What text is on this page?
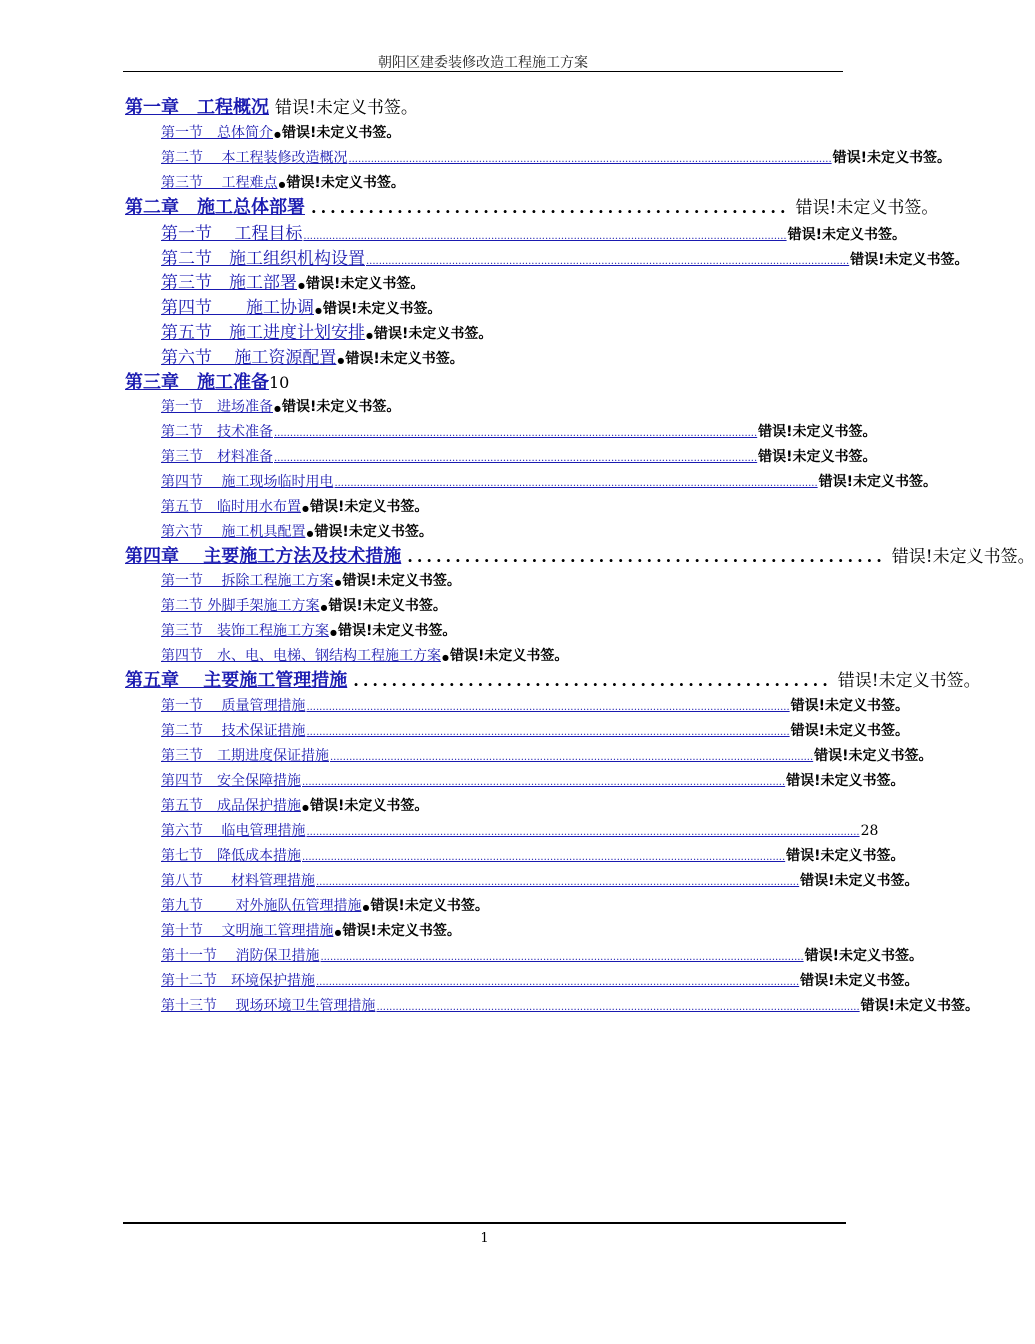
朝阳区建委装修改造工程施工方案
第一章　工程概况 错误!未定义书签。
第一节　总体简介 ● 错误!未定义书签。
第二节　 本工程装修改造概况 ........................................................................................................................................................ 错误!未定义书签。
第三节　 工程难点 ● 错误!未定义书签。
第二章　施工总体部署 .................................................. 错误!未定义书签。
第一节　 工程目标 ........................................................................................................................................................ 错误!未定义书签。
第二节　施工组织机构设置 ........................................................................................................................................................ 错误!未定义书签。
第三节　施工部署 ● 错误!未定义书签。
第四节　　施工协调 ● 错误!未定义书签。
第五节　施工进度计划安排 ● 错误!未定义书签。
第六节　 施工资源配置 ● 错误!未定义书签。
第三章　施工准备 10
第一节　进场准备 ● 错误!未定义书签。
第二节　技术准备 ........................................................................................................................................................ 错误!未定义书签。
第三节　材料准备 ........................................................................................................................................................ 错误!未定义书签。
第四节　 施工现场临时用电 ........................................................................................................................................................ 错误!未定义书签。
第五节　临时用水布置 ● 错误!未定义书签。
第六节　 施工机具配置 ● 错误!未定义书签。
第四章　 主要施工方法及技术措施 .................................................. 错误!未定义书签。
第一节　 拆除工程施工方案 ● 错误!未定义书签。
第二节 外脚手架施工方案 ● 错误!未定义书签。
第三节　装饰工程施工方案 ● 错误!未定义书签。
第四节　水、电、电梯、钢结构工程施工方案 ● 错误!未定义书签。
第五章　 主要施工管理措施 .................................................. 错误!未定义书签。
第一节　 质量管理措施 ........................................................................................................................................................ 错误!未定义书签。
第二节　 技术保证措施 ........................................................................................................................................................ 错误!未定义书签。
第三节　工期进度保证措施 ........................................................................................................................................................ 错误!未定义书签。
第四节　安全保障措施 ........................................................................................................................................................ 错误!未定义书签。
第五节　成品保护措施 ● 错误!未定义书签。
第六节　 临电管理措施 .............................................................................................................................................................................. 28
第七节　降低成本措施 ........................................................................................................................................................ 错误!未定义书签。
第八节　　材料管理措施 ........................................................................................................................................................ 错误!未定义书签。
第九节　　 对外施队伍管理措施 ● 错误!未定义书签。
第十节　 文明施工管理措施 ● 错误!未定义书签。
第十一节　 消防保卫措施 ........................................................................................................................................................ 错误!未定义书签。
第十二节　环境保护措施 ........................................................................................................................................................ 错误!未定义书签。
第十三节　 现场环境卫生管理措施 ........................................................................................................................................................ 错误!未定义书签。
1
